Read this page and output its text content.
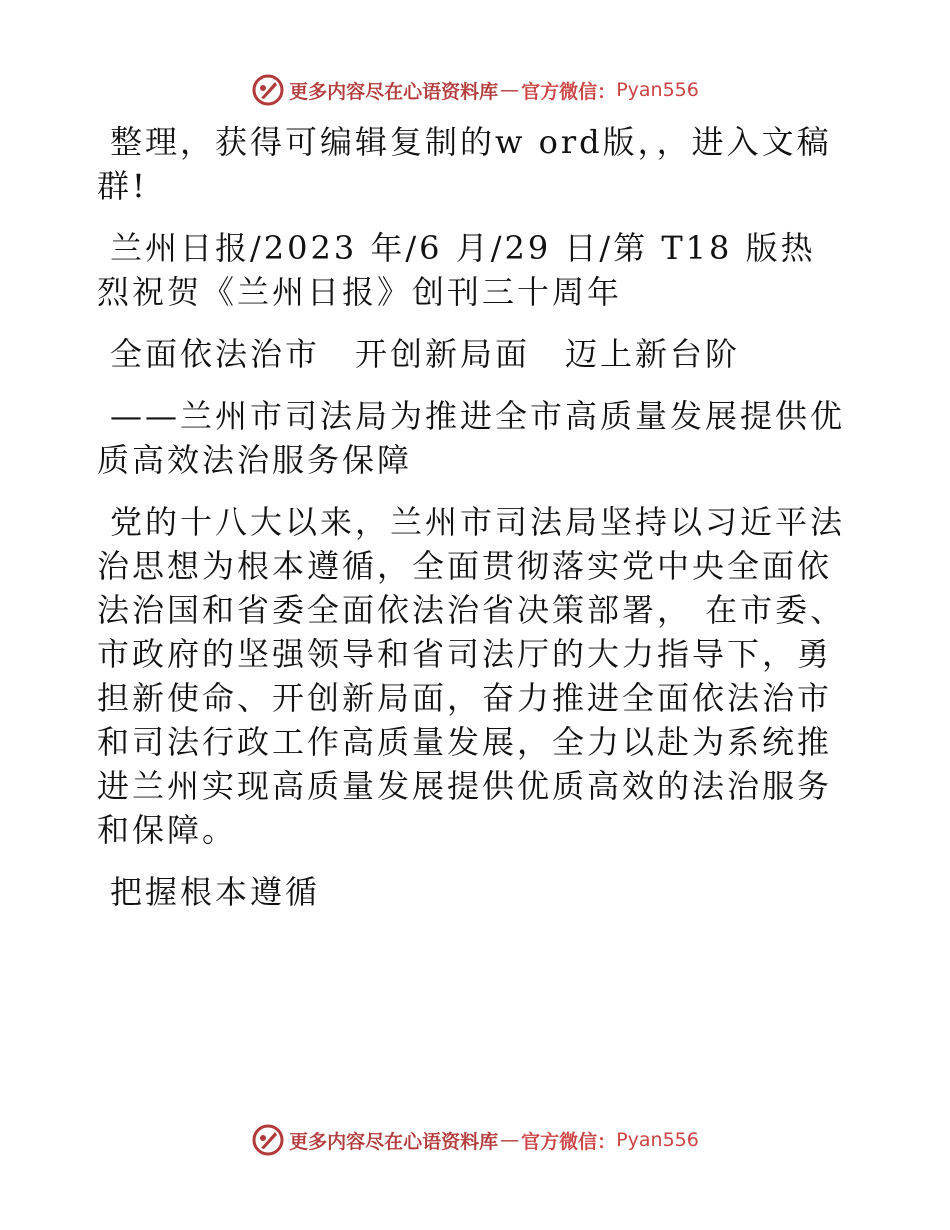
更多内容尽在心语资料库 — 官方微信： Pyan556

整理，获得可编辑复制的w ord版，，进入文稿群!

兰州日报/2023 年/6 月/29 日/第 T18 版热烈祝贺《兰州日报》创刊三十周年

全面依法治市　开创新局面　迈上新台阶

——兰州市司法局为推进全市高质量发展提供优质高效法治服务保障

党的十八大以来，兰州市司法局坚持以习近平法治思想为根本遵循，全面贯彻落实党中央全面依法治国和省委全面依法治省决策部署， 在市委、 市政府的坚强领导和省司法厅的大力指导下，勇担新使命、开创新局面，奋力推进全面依法治市和司法行政工作高质量发展，全力以赴为系统推进兰州实现高质量发展提供优质高效的法治服务和保障。

把握根本遵循

更多内容尽在心语资料库 — 官方微信： Pyan556
